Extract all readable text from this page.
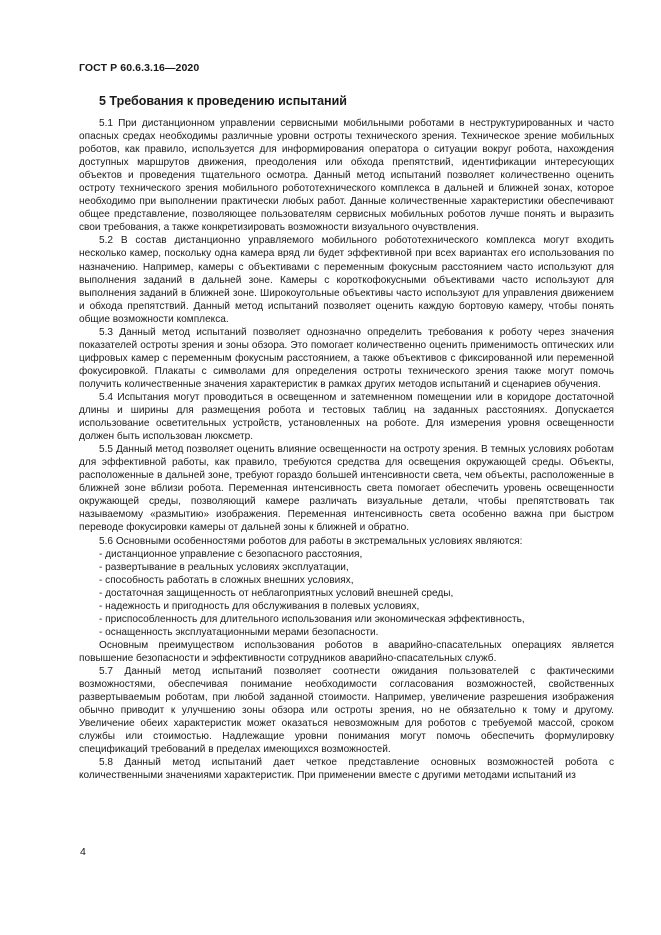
ГОСТ Р 60.6.3.16—2020
5 Требования к проведению испытаний

5.1 При дистанционном управлении сервисными мобильными роботами в неструктурированных и часто опасных средах необходимы различные уровни остроты технического зрения. Техническое зрение мобильных роботов, как правило, используется для информирования оператора о ситуации вокруг робота, нахождения доступных маршрутов движения, преодоления или обхода препятствий, идентификации интересующих объектов и проведения тщательного осмотра. Данный метод испытаний позволяет количественно оценить остроту технического зрения мобильного робототехнического комплекса в дальней и ближней зонах, которое необходимо при выполнении практически любых работ. Данные количественные характеристики обеспечивают общее представление, позволяющее пользователям сервисных мобильных роботов лучше понять и выразить свои требования, а также конкретизировать возможности визуального очувствления.

5.2 В состав дистанционно управляемого мобильного робототехнического комплекса могут входить несколько камер, поскольку одна камера вряд ли будет эффективной при всех вариантах его использования по назначению. Например, камеры с объективами с переменным фокусным расстоянием часто используют для выполнения заданий в дальней зоне. Камеры с короткофокусными объективами часто используют для выполнения заданий в ближней зоне. Широкоугольные объективы часто используют для управления движением и обхода препятствий. Данный метод испытаний позволяет оценить каждую бортовую камеру, чтобы понять общие возможности комплекса.

5.3 Данный метод испытаний позволяет однозначно определить требования к роботу через значения показателей остроты зрения и зоны обзора. Это помогает количественно оценить применимость оптических или цифровых камер с переменным фокусным расстоянием, а также объективов с фиксированной или переменной фокусировкой. Плакаты с символами для определения остроты технического зрения также могут помочь получить количественные значения характеристик в рамках других методов испытаний и сценариев обучения.

5.4 Испытания могут проводиться в освещенном и затемненном помещении или в коридоре достаточной длины и ширины для размещения робота и тестовых таблиц на заданных расстояниях. Допускается использование осветительных устройств, установленных на роботе. Для измерения уровня освещенности должен быть использован люксметр.

5.5 Данный метод позволяет оценить влияние освещенности на остроту зрения. В темных условиях роботам для эффективной работы, как правило, требуются средства для освещения окружающей среды. Объекты, расположенные в дальней зоне, требуют гораздо большей интенсивности света, чем объекты, расположенные в ближней зоне вблизи робота. Переменная интенсивность света помогает обеспечить уровень освещенности окружающей среды, позволяющий камере различать визуальные детали, чтобы препятствовать так называемому «размытию» изображения. Переменная интенсивность света особенно важна при быстром переводе фокусировки камеры от дальней зоны к ближней и обратно.

5.6 Основными особенностями роботов для работы в экстремальных условиях являются:

- дистанционное управление с безопасного расстояния,

- развертывание в реальных условиях эксплуатации,

- способность работать в сложных внешних условиях,

- достаточная защищенность от неблагоприятных условий внешней среды,

- надежность и пригодность для обслуживания в полевых условиях,

- приспособленность для длительного использования или экономическая эффективность,

- оснащенность эксплуатационными мерами безопасности.

Основным преимуществом использования роботов в аварийно-спасательных операциях является повышение безопасности и эффективности сотрудников аварийно-спасательных служб.

5.7 Данный метод испытаний позволяет соотнести ожидания пользователей с фактическими возможностями, обеспечивая понимание необходимости согласования возможностей, свойственных развертываемым роботам, при любой заданной стоимости. Например, увеличение разрешения изображения обычно приводит к улучшению зоны обзора или остроты зрения, но не обязательно к тому и другому. Увеличение обеих характеристик может оказаться невозможным для роботов с требуемой массой, сроком службы или стоимостью. Надлежащие уровни понимания могут помочь обеспечить формулировку спецификаций требований в пределах имеющихся возможностей.

5.8 Данный метод испытаний дает четкое представление основных возможностей робота с количественными значениями характеристик. При применении вместе с другими методами испытаний из

4
